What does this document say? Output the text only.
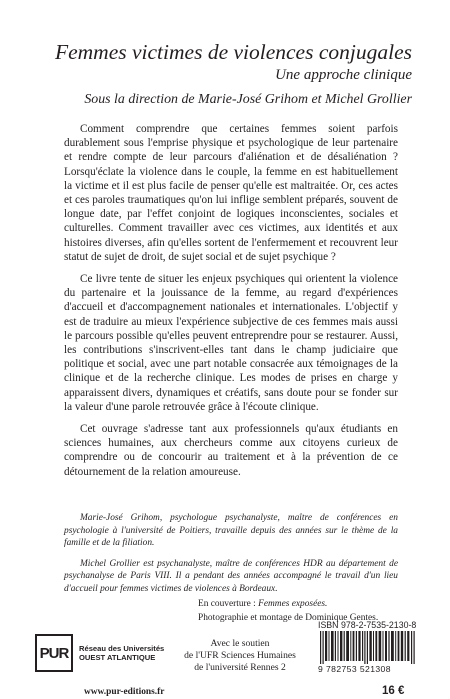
Femmes victimes de violences conjugales
Une approche clinique
Sous la direction de Marie-José Grihom et Michel Grollier

Comment comprendre que certaines femmes soient parfois durablement sous l'emprise physique et psychologique de leur partenaire et rendre compte de leur parcours d'aliénation et de désaliénation ? Lorsqu'éclate la violence dans le couple, la femme en est habituellement la victime et il est plus facile de penser qu'elle est maltraitée. Or, ces actes et ces paroles traumatiques qu'on lui inflige semblent préparés, souvent de longue date, par l'effet conjoint de logiques inconscientes, sociales et culturelles. Comment travailler avec ces victimes, aux identités et aux histoires diverses, afin qu'elles sortent de l'enfermement et recouvrent leur statut de sujet de droit, de sujet social et de sujet psychique ?

Ce livre tente de situer les enjeux psychiques qui orientent la violence du partenaire et la jouissance de la femme, au regard d'expériences d'accueil et d'accompagnement nationales et internationales. L'objectif y est de traduire au mieux l'expérience subjective de ces femmes mais aussi le parcours possible qu'elles peuvent entreprendre pour se restaurer. Aussi, les contributions s'inscrivent-elles tant dans le champ judiciaire que politique et social, avec une part notable consacrée aux témoignages de la clinique et de la recherche clinique. Les modes de prises en charge y apparaissent divers, dynamiques et créatifs, sans doute pour se fonder sur la valeur d'une parole retrouvée grâce à l'écoute clinique.

Cet ouvrage s'adresse tant aux professionnels qu'aux étudiants en sciences humaines, aux chercheurs comme aux citoyens curieux de comprendre ou de concourir au traitement et à la prévention de ce détournement de la relation amoureuse.

Marie-José Grihom, psychologue psychanalyste, maître de conférences en psychologie à l'université de Poitiers, travaille depuis des années sur le thème de la famille et de la filiation.

Michel Grollier est psychanalyste, maître de conférences HDR au département de psychanalyse de Paris VIII. Il a pendant des années accompagné le travail d'un lieu d'accueil pour femmes victimes de violences à Bordeaux.

En couverture : Femmes exposées.
Photographie et montage de Dominique Gentes.
PUR	Réseau des Universités
OUEST ATLANTIQUE
Avec le soutien
de l'UFR Sciences Humaines
de l'université Rennes 2
www.pur-editions.fr
ISBN 978-2-7535-2130-8
9 782753 521308
16 €
